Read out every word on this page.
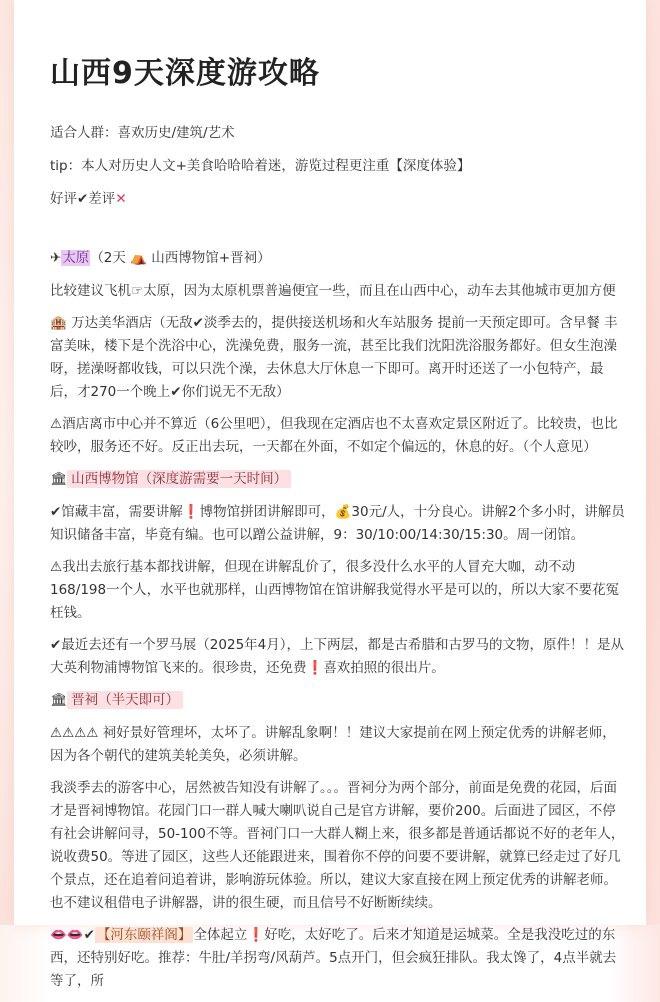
山西9天深度游攻略

适合人群：喜欢历史/建筑/艺术

tip：本人对历史人文+美食哈哈哈着迷，游览过程更注重【深度体验】

好评✔差评✕

✈太原（2天 ⛺ 山西博物馆+晋祠）

比较建议飞机☞太原，因为太原机票普遍便宜一些，而且在山西中心，动车去其他城市更加方便

🏨 万达美华酒店（无敌✔淡季去的，提供接送机场和火车站服务 提前一天预定即可。含早餐 丰富美味，楼下是个洗浴中心，洗澡免费，服务一流，甚至比我们沈阳洗浴服务都好。但女生泡澡呀，搓澡呀都收钱，可以只洗个澡，去休息大厅休息一下即可。离开时还送了一小包特产，最后，才270一个晚上✔你们说无不无敌）

⚠酒店离市中心并不算近（6公里吧），但我现在定酒店也不太喜欢定景区附近了。比较贵，也比较吵，服务还不好。反正出去玩，一天都在外面，不如定个偏远的，休息的好。（个人意见）

🏛 山西博物馆（深度游需要一天时间）

✔馆藏丰富，需要讲解❗博物馆拼团讲解即可，💰30元/人，十分良心。讲解2个多小时，讲解员知识储备丰富，毕竟有编。也可以蹭公益讲解，9：30/10:00/14:30/15:30。周一闭馆。

⚠我出去旅行基本都找讲解，但现在讲解乱价了，很多没什么水平的人冒充大咖，动不动168/198一个人，水平也就那样，山西博物馆在馆讲解我觉得水平是可以的，所以大家不要花冤枉钱。

✔最近去还有一个罗马展（2025年4月），上下两层，都是古希腊和古罗马的文物，原件！！是从大英利物浦博物馆飞来的。很珍贵，还免费❗喜欢拍照的很出片。

🏛 晋祠（半天即可）

⚠⚠⚠⚠ 祠好景好管理坏，太坏了。讲解乱象啊！！建议大家提前在网上预定优秀的讲解老师，因为各个朝代的建筑美轮美奂，必须讲解。

我淡季去的游客中心，居然被告知没有讲解了。。。晋祠分为两个部分，前面是免费的花园，后面才是晋祠博物馆。花园门口一群人喊大喇叭说自己是官方讲解，要价200。后面进了园区，不停有社会讲解问寻，50-100不等。晋祠门口一大群人糊上来，很多都是普通话都说不好的老年人，说收费50。等进了园区，这些人还能跟进来，围着你不停的问要不要讲解，就算已经走过了好几个景点，还在追着问追着讲，影响游玩体验。所以，建议大家直接在网上预定优秀的讲解老师。也不建议租借电子讲解器，讲的很生硬，而且信号不好断断续续。

👄👄✔ 【河东颐祥阁】 全体起立❗好吃，太好吃了。后来才知道是运城菜。全是我没吃过的东西，还特别好吃。推荐：牛肚/羊拐弯/风葫芦。5点开门，但会疯狂排队。我太馋了，4点半就去等了，所
